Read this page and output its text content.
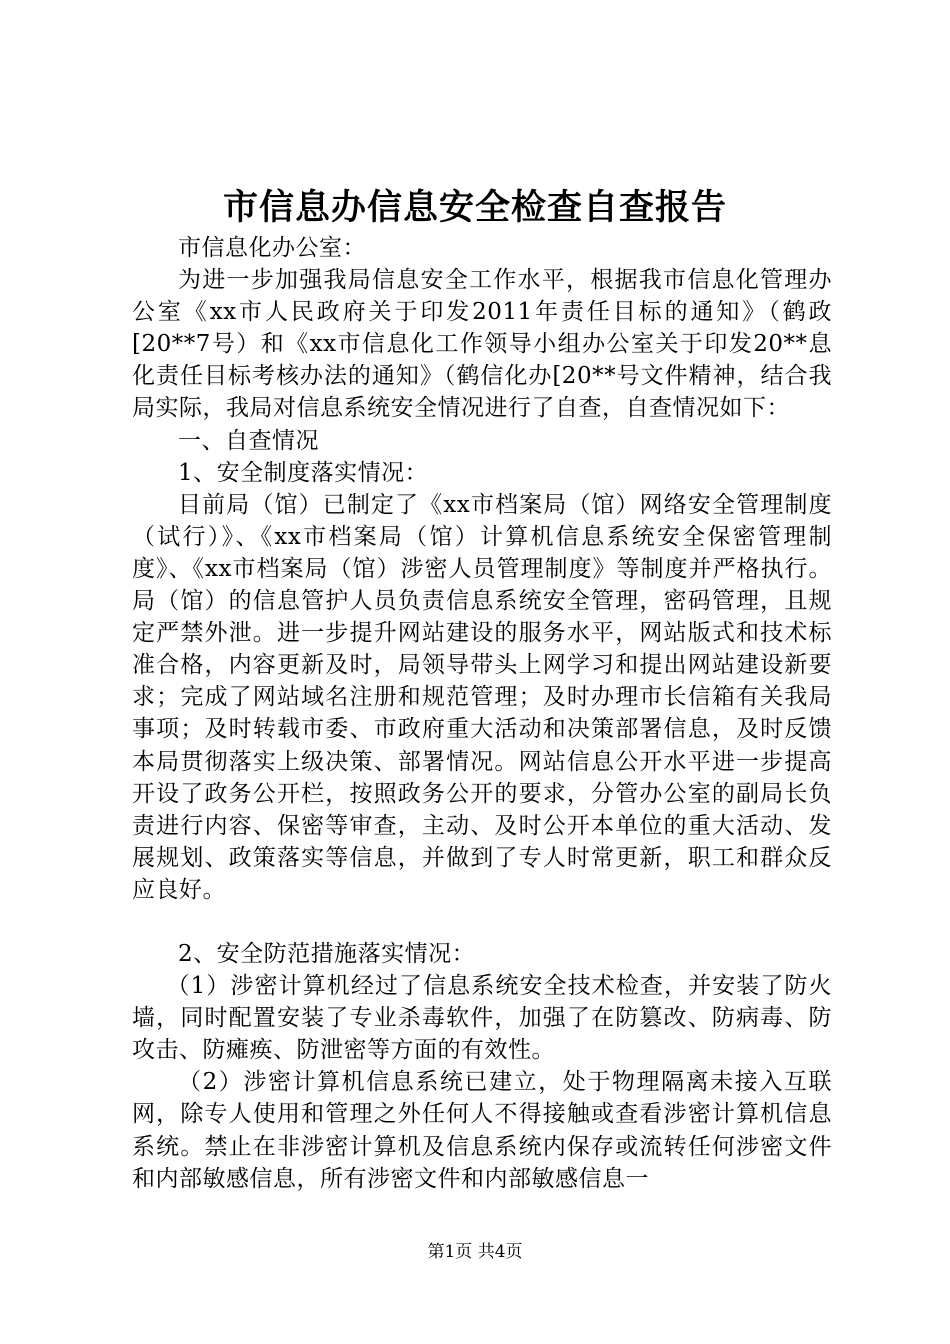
市信息办信息安全检查自查报告

市信息化办公室：

为进一步加强我局信息安全工作水平，根据我市信息化管理办公室《xx市人民政府关于印发2011年责任目标的通知》（鹤政[20**7号）和《xx市信息化工作领导小组办公室关于印发20**息化责任目标考核办法的通知》（鹤信化办[20**号文件精神，结合我局实际，我局对信息系统安全情况进行了自查，自查情况如下：

一、自查情况

1、安全制度落实情况：

目前局（馆）已制定了《xx市档案局（馆）网络安全管理制度（试行）》、《xx市档案局（馆）计算机信息系统安全保密管理制度》、《xx市档案局（馆）涉密人员管理制度》等制度并严格执行。局（馆）的信息管护人员负责信息系统安全管理，密码管理，且规定严禁外泄。进一步提升网站建设的服务水平，网站版式和技术标准合格，内容更新及时，局领导带头上网学习和提出网站建设新要求；完成了网站域名注册和规范管理；及时办理市长信箱有关我局事项；及时转载市委、市政府重大活动和决策部署信息，及时反馈本局贯彻落实上级决策、部署情况。网站信息公开水平进一步提高开设了政务公开栏，按照政务公开的要求，分管办公室的副局长负责进行内容、保密等审查，主动、及时公开本单位的重大活动、发展规划、政策落实等信息，并做到了专人时常更新，职工和群众反应良好。

2、安全防范措施落实情况：

（1）涉密计算机经过了信息系统安全技术检查，并安装了防火墙，同时配置安装了专业杀毒软件，加强了在防篡改、防病毒、防攻击、防瘫痪、防泄密等方面的有效性。

（2）涉密计算机信息系统已建立，处于物理隔离未接入互联网，除专人使用和管理之外任何人不得接触或查看涉密计算机信息系统。禁止在非涉密计算机及信息系统内保存或流转任何涉密文件和内部敏感信息，所有涉密文件和内部敏感信息一

第1页 共4页
